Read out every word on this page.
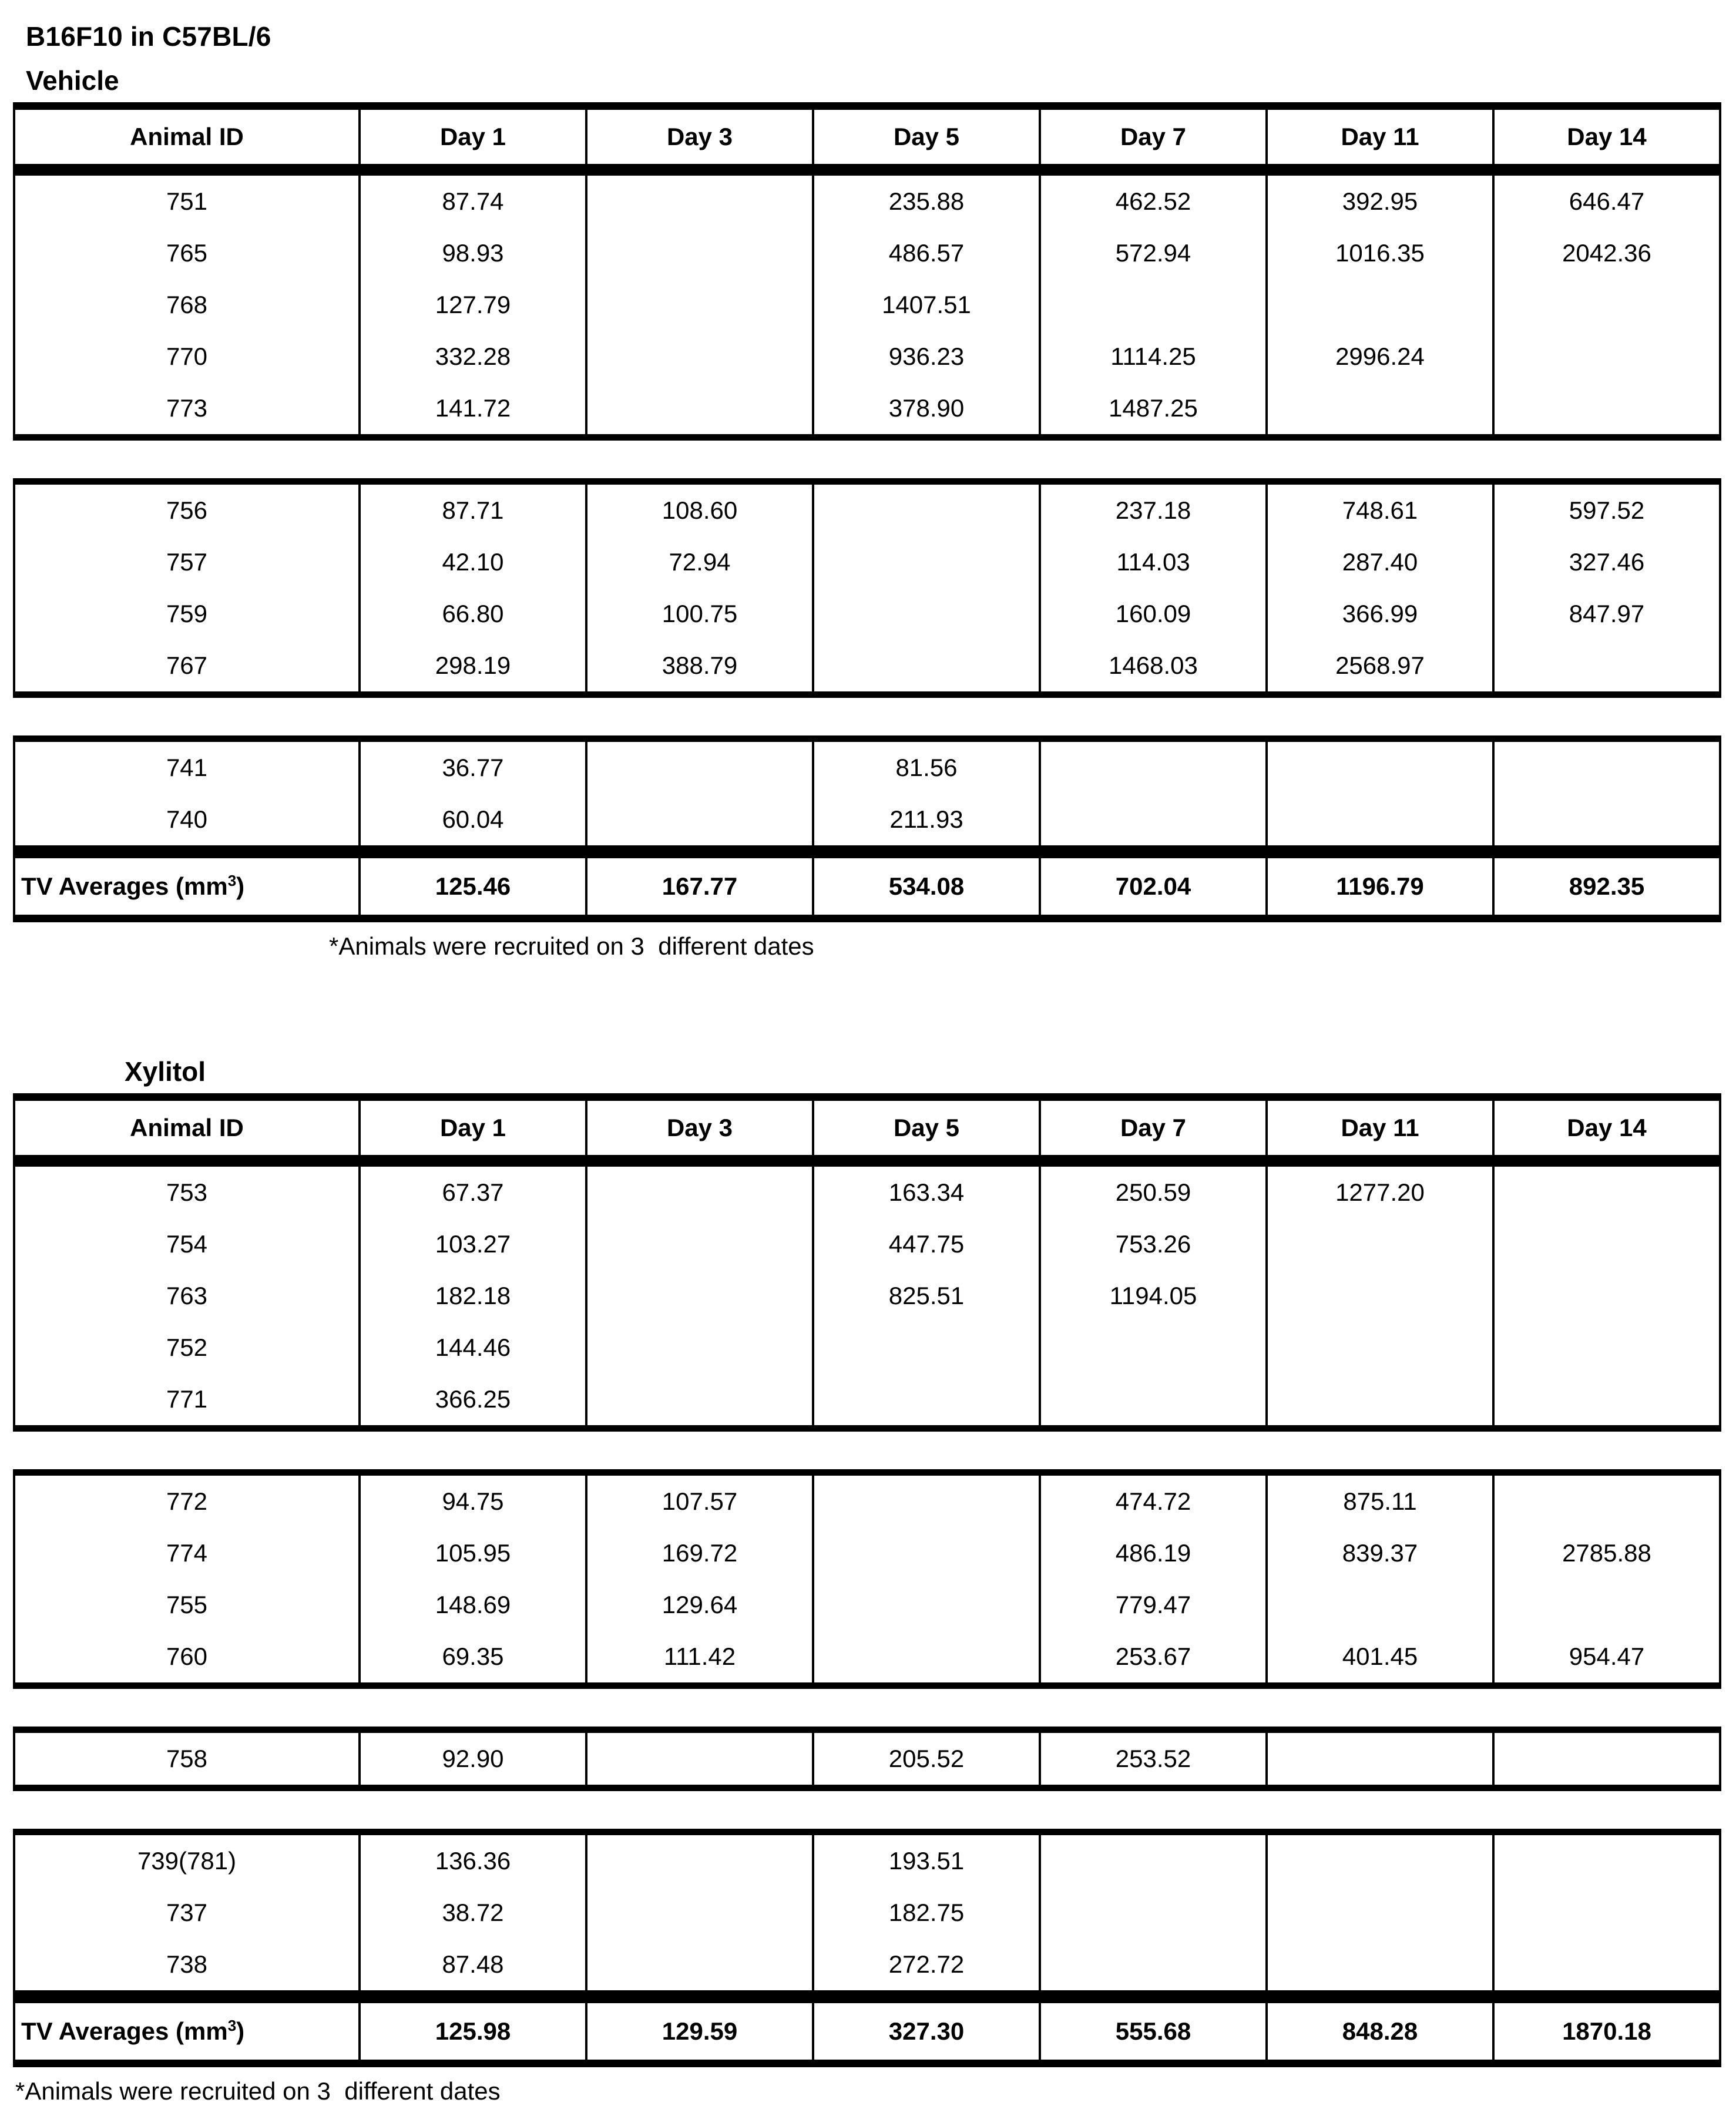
B16F10 in C57BL/6
Vehicle
Animal ID	Day 1	Day 3	Day 5	Day 7	Day 11	Day 14
751	87.74		235.88	462.52	392.95	646.47
765	98.93		486.57	572.94	1016.35	2042.36
768	127.79		1407.51			
770	332.28		936.23	1114.25	2996.24	
773	141.72		378.90	1487.25		
756	87.71	108.60		237.18	748.61	597.52
757	42.10	72.94		114.03	287.40	327.46
759	66.80	100.75		160.09	366.99	847.97
767	298.19	388.79		1468.03	2568.97	
741	36.77		81.56			
740	60.04		211.93			
TV Averages $(mm^3)$	125.46	167.77	534.08	702.04	1196.79	892.35

*Animals were recruited on 3  different dates

Xylitol
Animal ID	Day 1	Day 3	Day 5	Day 7	Day 11	Day 14
753	67.37		163.34	250.59	1277.20	
754	103.27		447.75	753.26		
763	182.18		825.51	1194.05		
752	144.46					
771	366.25					
772	94.75	107.57		474.72	875.11	
774	105.95	169.72		486.19	839.37	2785.88
755	148.69	129.64		779.47		
760	69.35	111.42		253.67	401.45	954.47
758	92.90		205.52	253.52		
739(781)	136.36		193.51			
737	38.72		182.75			
738	87.48		272.72			
TV Averages $(mm^3)$	125.98	129.59	327.30	555.68	848.28	1870.18

*Animals were recruited on 3  different dates
